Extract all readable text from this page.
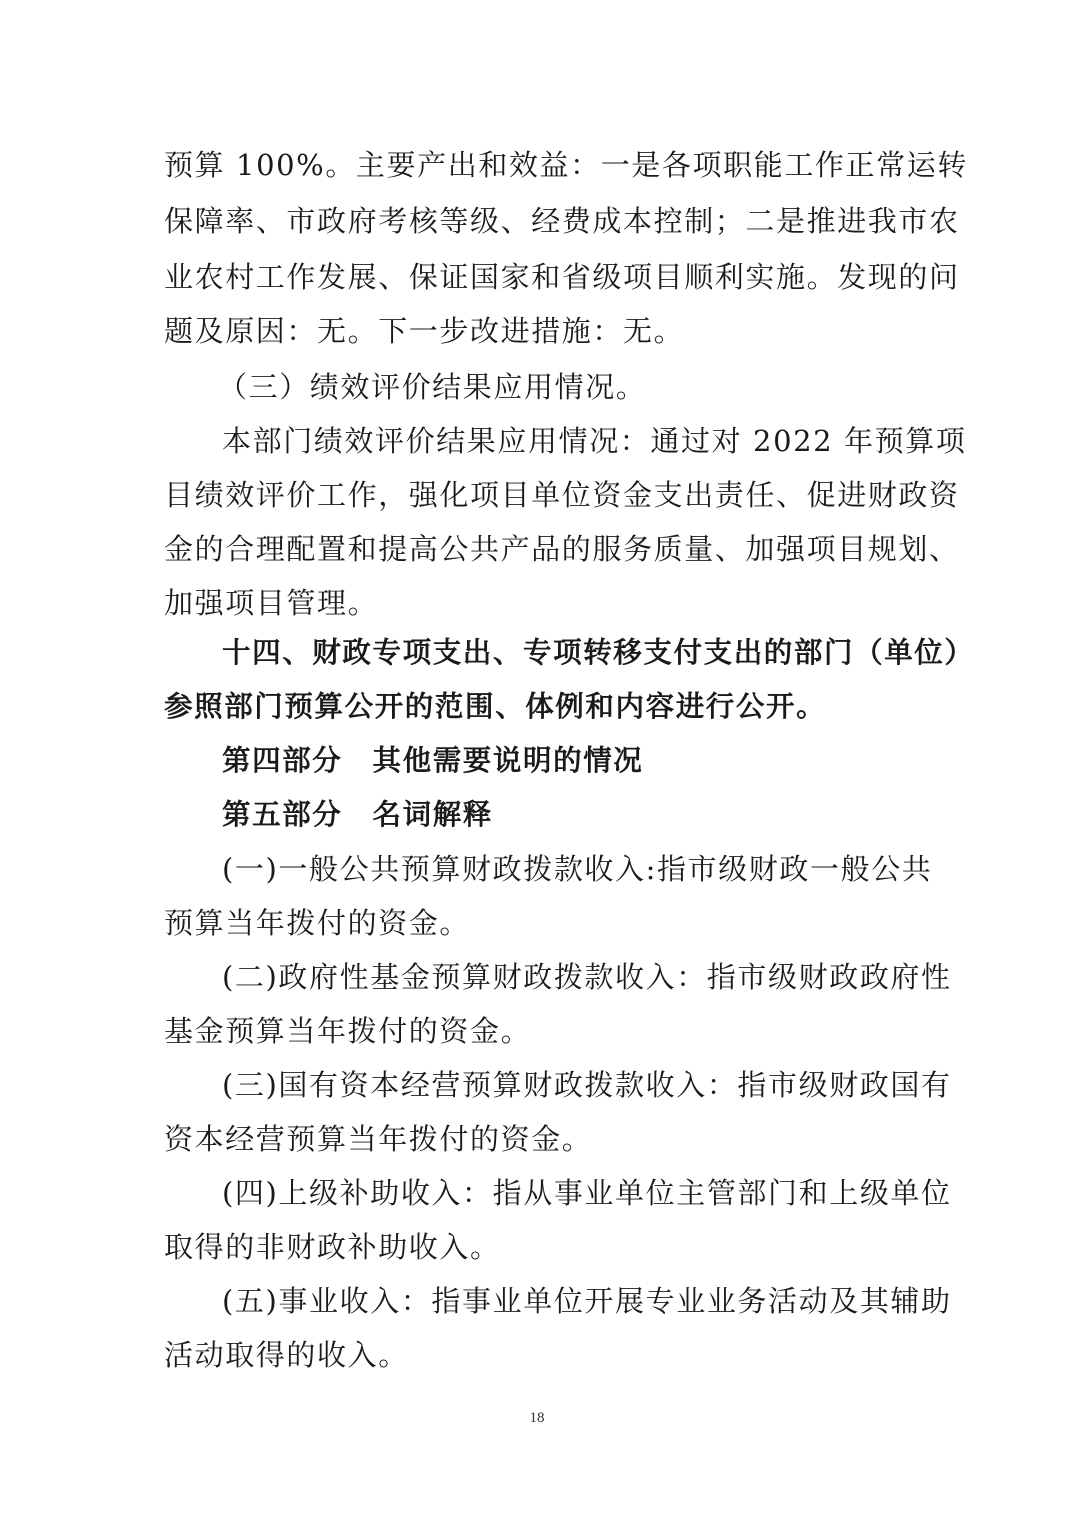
预算 100%。主要产出和效益：一是各项职能工作正常运转
保障率、市政府考核等级、经费成本控制；二是推进我市农
业农村工作发展、保证国家和省级项目顺利实施。发现的问
题及原因：无。下一步改进措施：无。
（三）绩效评价结果应用情况。
本部门绩效评价结果应用情况：通过对 2022 年预算项
目绩效评价工作，强化项目单位资金支出责任、促进财政资
金的合理配置和提高公共产品的服务质量、加强项目规划、
加强项目管理。
十四、财政专项支出、专项转移支付支出的部门（单位）
参照部门预算公开的范围、体例和内容进行公开。
第四部分　其他需要说明的情况
第五部分　名词解释
(一)一般公共预算财政拨款收入:指市级财政一般公共
预算当年拨付的资金。
(二)政府性基金预算财政拨款收入：指市级财政政府性
基金预算当年拨付的资金。
(三)国有资本经营预算财政拨款收入：指市级财政国有
资本经营预算当年拨付的资金。
(四)上级补助收入：指从事业单位主管部门和上级单位
取得的非财政补助收入。
(五)事业收入：指事业单位开展专业业务活动及其辅助
活动取得的收入。
18
